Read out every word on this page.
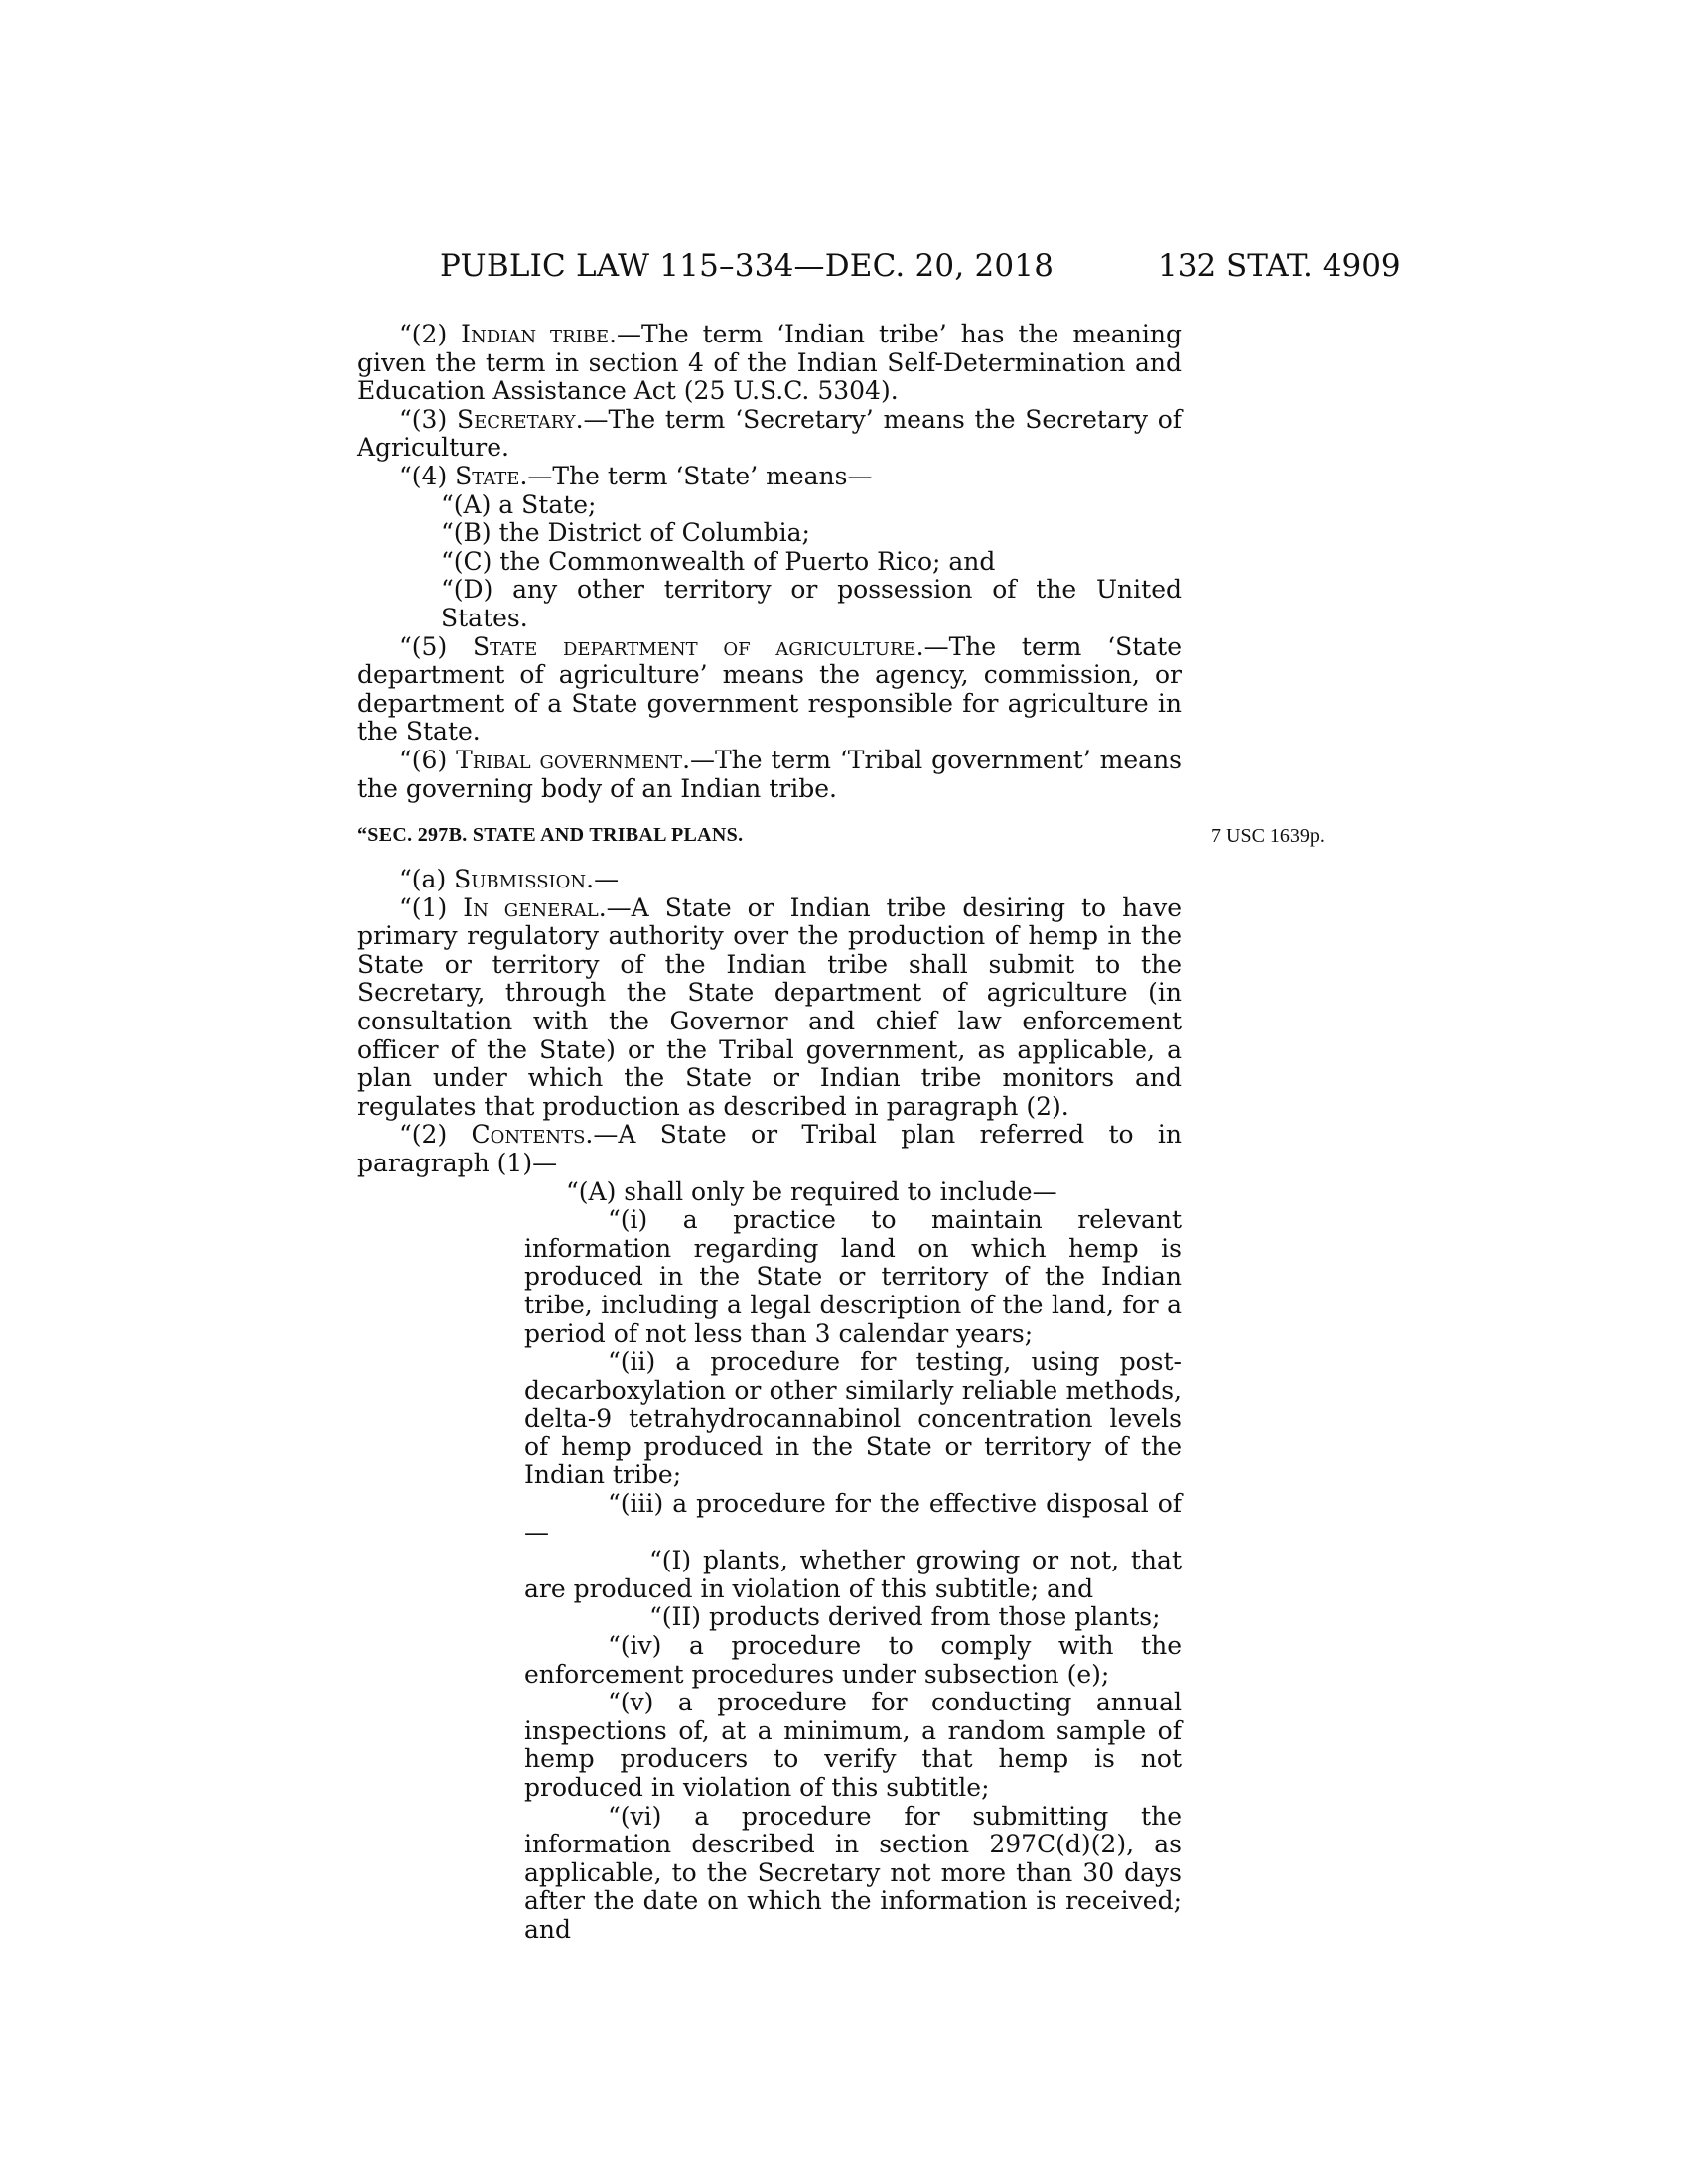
PUBLIC LAW 115–334—DEC. 20, 2018	132 STAT. 4909

“(2) Indian tribe.—The term ‘Indian tribe’ has the meaning given the term in section 4 of the Indian Self-Determination and Education Assistance Act (25 U.S.C. 5304).

“(3) Secretary.—The term ‘Secretary’ means the Secretary of Agriculture.

“(4) State.—The term ‘State’ means—

“(A) a State;

“(B) the District of Columbia;

“(C) the Commonwealth of Puerto Rico; and

“(D) any other territory or possession of the United States.

“(5) State department of agriculture.—The term ‘State department of agriculture’ means the agency, commission, or department of a State government responsible for agriculture in the State.

“(6) Tribal government.—The term ‘Tribal government’ means the governing body of an Indian tribe.

“SEC. 297B. STATE AND TRIBAL PLANS.	7 USC 1639p.

“(a) Submission.—

“(1) In general.—A State or Indian tribe desiring to have primary regulatory authority over the production of hemp in the State or territory of the Indian tribe shall submit to the Secretary, through the State department of agriculture (in consultation with the Governor and chief law enforcement officer of the State) or the Tribal government, as applicable, a plan under which the State or Indian tribe monitors and regulates that production as described in paragraph (2).

“(2) Contents.—A State or Tribal plan referred to in paragraph (1)—

“(A) shall only be required to include—

“(i) a practice to maintain relevant information regarding land on which hemp is produced in the State or territory of the Indian tribe, including a legal description of the land, for a period of not less than 3 calendar years;

“(ii) a procedure for testing, using post-decarboxylation or other similarly reliable methods, delta-9 tetrahydrocannabinol concentration levels of hemp produced in the State or territory of the Indian tribe;

“(iii) a procedure for the effective disposal of—

“(I) plants, whether growing or not, that are produced in violation of this subtitle; and

“(II) products derived from those plants;

“(iv) a procedure to comply with the enforcement procedures under subsection (e);

“(v) a procedure for conducting annual inspections of, at a minimum, a random sample of hemp producers to verify that hemp is not produced in violation of this subtitle;

“(vi) a procedure for submitting the information described in section 297C(d)(2), as applicable, to the Secretary not more than 30 days after the date on which the information is received; and
